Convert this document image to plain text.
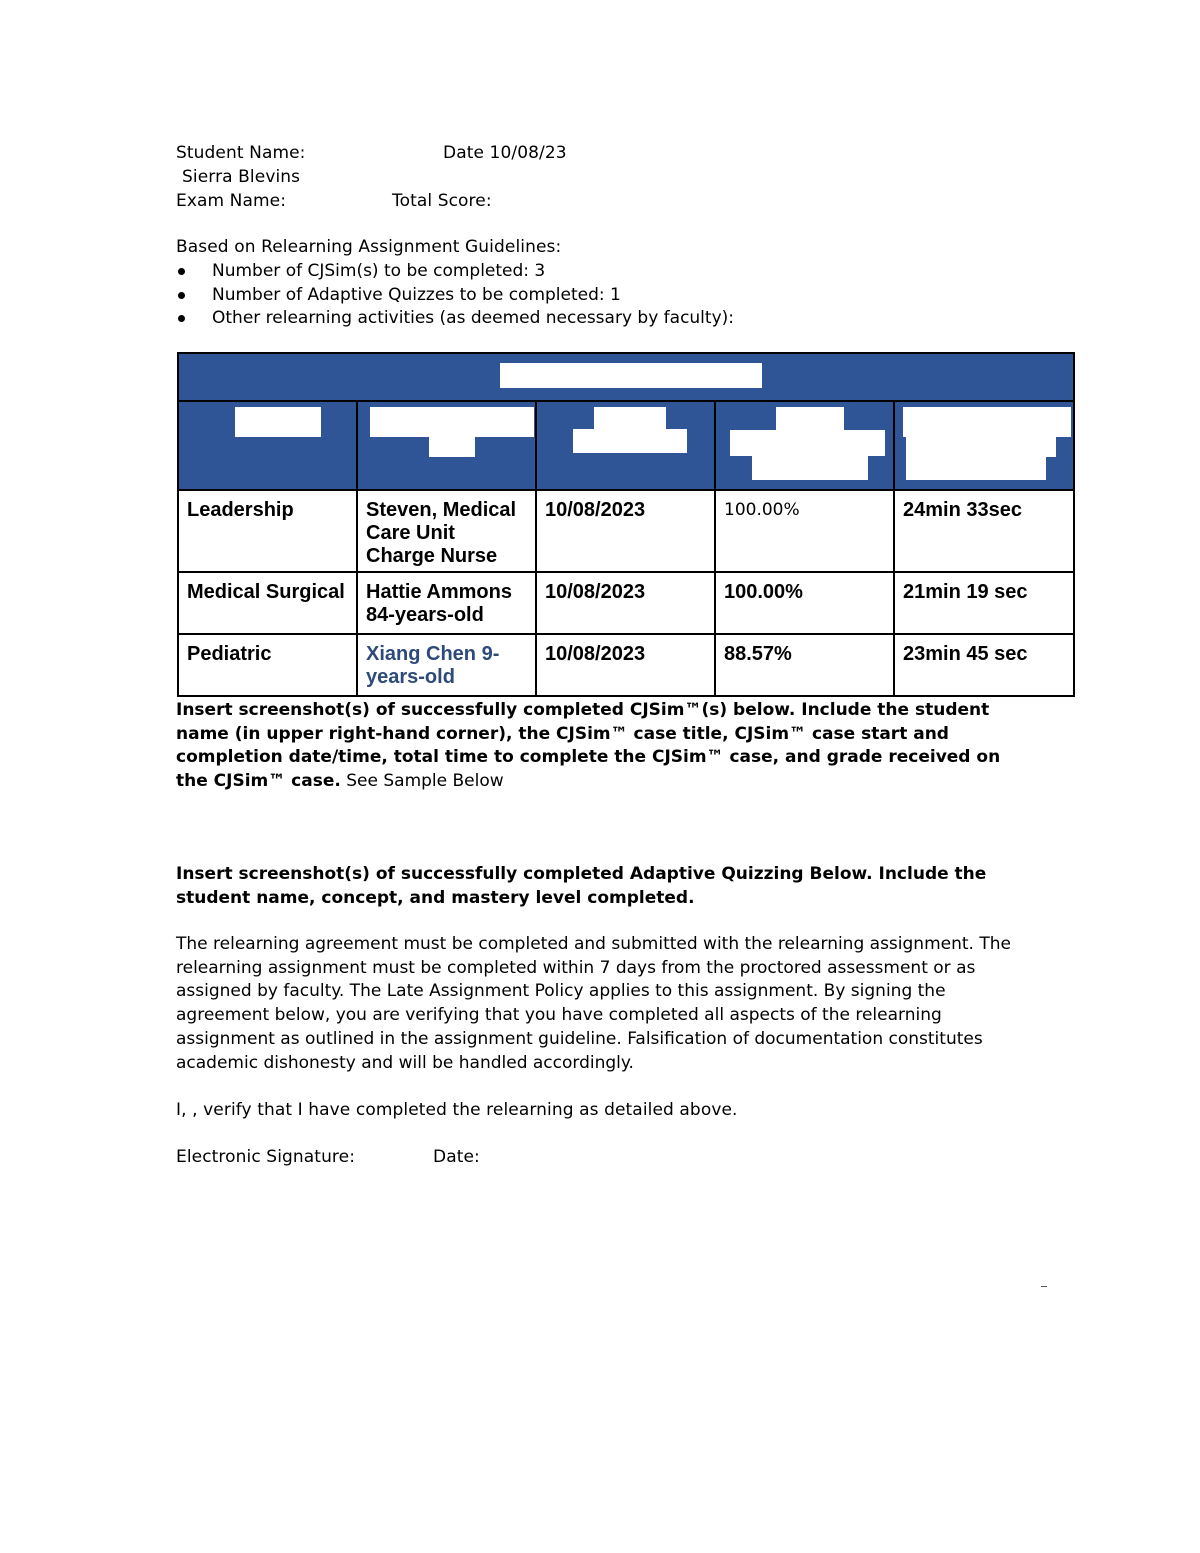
Student Name:	Date 10/08/23
Sierra Blevins
Exam Name:	Total Score:
Based on Relearning Assignment Guidelines:
Number of CJSim(s) to be completed: 3
Number of Adaptive Quizzes to be completed: 1
Other relearning activities (as deemed necessary by faculty):

Leadership	Steven, Medical Care Unit Charge Nurse	10/08/2023	100.00%	24min 33sec
Medical Surgical	Hattie Ammons 84-years-old	10/08/2023	100.00%	21min 19 sec
Pediatric	Xiang Chen 9-years-old	10/08/2023	88.57%	23min 45 sec
Insert screenshot(s) of successfully completed CJSim™(s) below. Include the student name (in upper right-hand corner), the CJSim™ case title, CJSim™ case start and completion date/time, total time to complete the CJSim™ case, and grade received on the CJSim™ case. See Sample Below
Insert screenshot(s) of successfully completed Adaptive Quizzing Below. Include the student name, concept, and mastery level completed.
The relearning agreement must be completed and submitted with the relearning assignment. The relearning assignment must be completed within 7 days from the proctored assessment or as assigned by faculty. The Late Assignment Policy applies to this assignment. By signing the agreement below, you are verifying that you have completed all aspects of the relearning assignment as outlined in the assignment guideline. Falsification of documentation constitutes academic dishonesty and will be handled accordingly.
I, , verify that I have completed the relearning as detailed above.
Electronic Signature:	Date:
